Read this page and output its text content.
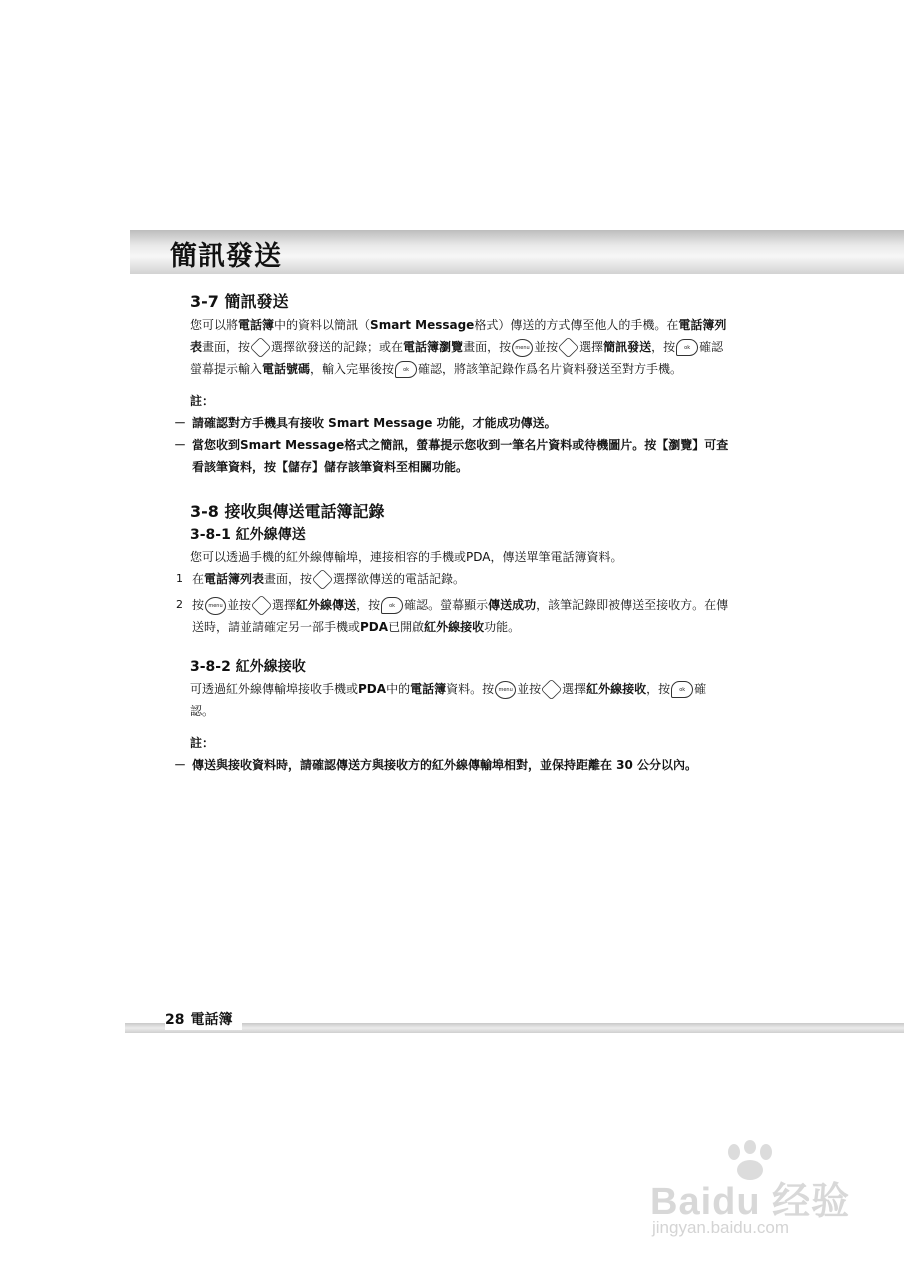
簡訊發送
3-7 簡訊發送

您可以將電話簿中的資料以簡訊（Smart Message格式）傳送的方式傳至他人的手機。在電話簿列表畫面，按 選擇欲發送的記錄；或在電話簿瀏覽畫面，按 menu 並按 選擇簡訊發送，按 ok 確認螢幕提示輸入電話號碼，輸入完畢後按 ok 確認，將該筆記錄作爲名片資料發送至對方手機。

註：
－ 請確認對方手機具有接收 Smart Message 功能，才能成功傳送。
－ 當您收到Smart Message格式之簡訊，螢幕提示您收到一筆名片資料或待機圖片。按【瀏覽】可查看該筆資料，按【儲存】儲存該筆資料至相關功能。
3-8 接收與傳送電話簿記錄
3-8-1 紅外線傳送

您可以透過手機的紅外線傳輸埠，連接相容的手機或PDA，傳送單筆電話簿資料。

1 在電話簿列表畫面，按 選擇欲傳送的電話記錄。
2 按 menu 並按 選擇紅外線傳送，按 ok 確認。螢幕顯示傳送成功，該筆記錄即被傳送至接收方。在傳送時，請並請確定另一部手機或PDA已開啟紅外線接收功能。
3-8-2 紅外線接收

可透過紅外線傳輸埠接收手機或PDA中的電話簿資料。按 menu 並按 選擇紅外線接收，按 ok 確認。

註：
－ 傳送與接收資料時，請確認傳送方與接收方的紅外線傳輸埠相對，並保持距離在 30 公分以內。
28 電話簿
Baidu 经验
jingyan.baidu.com
